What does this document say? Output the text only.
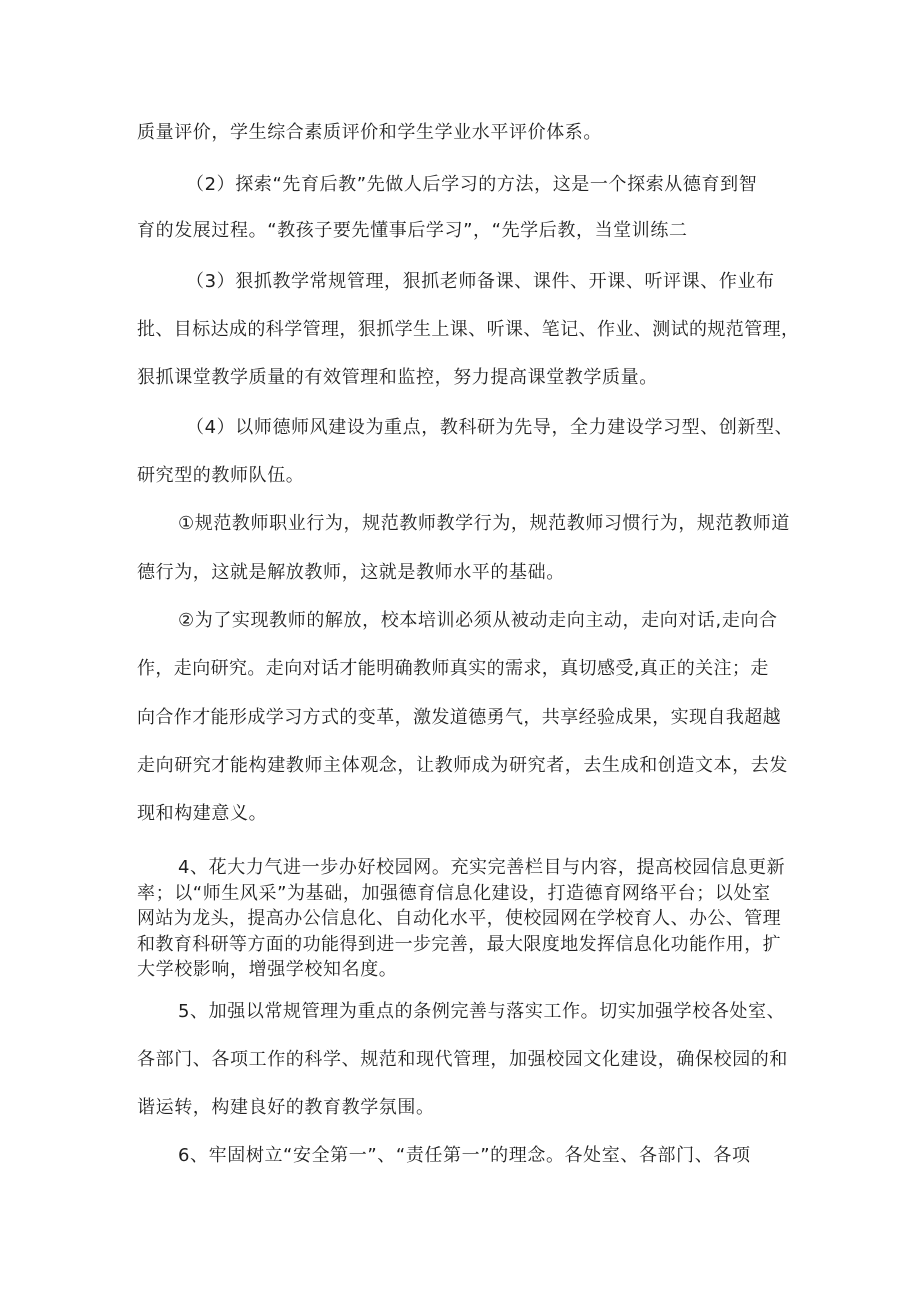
质量评价，学生综合素质评价和学生学业水平评价体系。
（2）探索“先育后教”先做人后学习的方法，这是一个探索从德育到智
育的发展过程。“教孩子要先懂事后学习”，“先学后教，当堂训练二
（3）狠抓教学常规管理，狠抓老师备课、课件、开课、听评课、作业布
批、目标达成的科学管理，狠抓学生上课、听课、笔记、作业、测试的规范管理，
狠抓课堂教学质量的有效管理和监控，努力提高课堂教学质量。
（4）以师德师风建设为重点，教科研为先导，全力建设学习型、创新型、
研究型的教师队伍。
①规范教师职业行为，规范教师教学行为，规范教师习惯行为，规范教师道
德行为，这就是解放教师，这就是教师水平的基础。
②为了实现教师的解放，校本培训必须从被动走向主动，走向对话,走向合
作，走向研究。走向对话才能明确教师真实的需求，真切感受,真正的关注；走
向合作才能形成学习方式的变革，激发道德勇气，共享经验成果，实现自我超越
走向研究才能构建教师主体观念，让教师成为研究者，去生成和创造文本，去发
现和构建意义。
4、花大力气进一步办好校园网。充实完善栏目与内容，提高校园信息更新
率；以“师生风采”为基础，加强德育信息化建设，打造德育网络平台；以处室
网站为龙头，提高办公信息化、自动化水平，使校园网在学校育人、办公、管理
和教育科研等方面的功能得到进一步完善，最大限度地发挥信息化功能作用，扩
大学校影响，增强学校知名度。
5、加强以常规管理为重点的条例完善与落实工作。切实加强学校各处室、
各部门、各项工作的科学、规范和现代管理，加强校园文化建设，确保校园的和
谐运转，构建良好的教育教学氛围。
6、牢固树立“安全第一”、“责任第一”的理念。各处室、各部门、各项
